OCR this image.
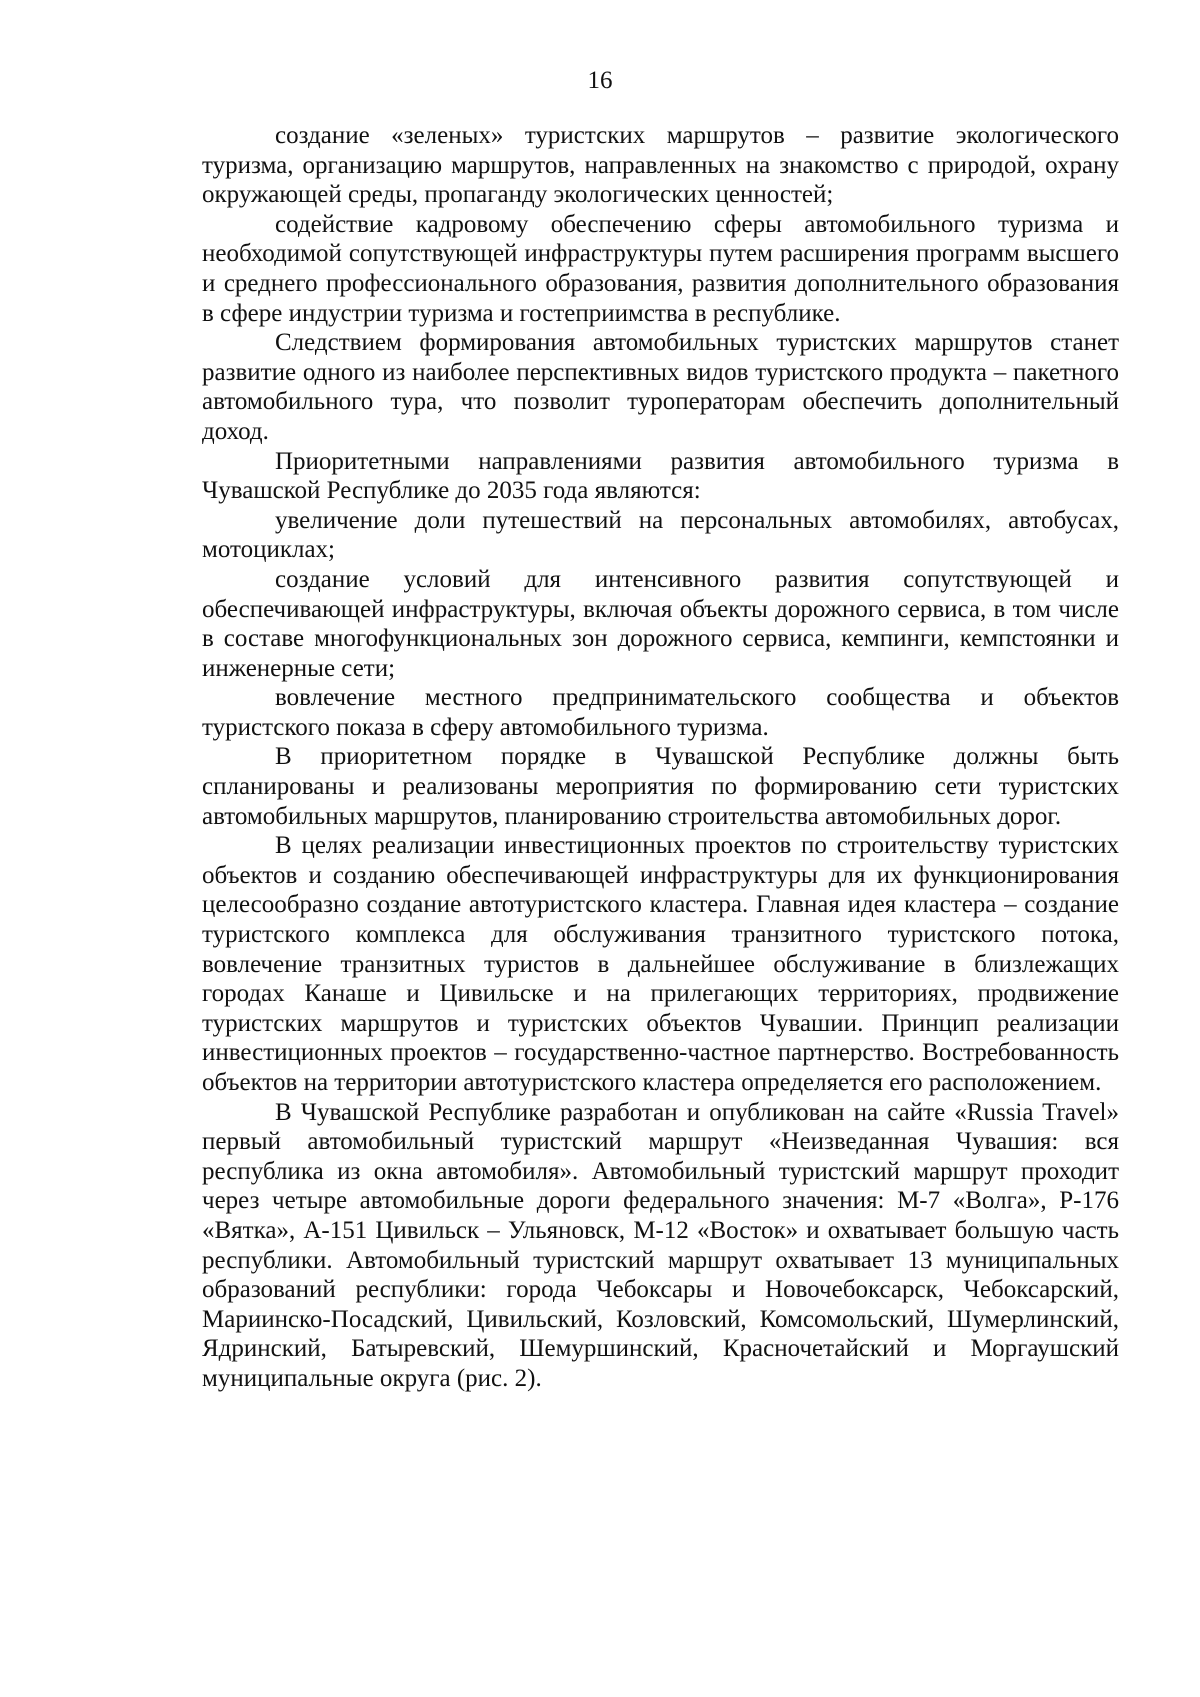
16

создание «зеленых» туристских маршрутов – развитие экологического туризма, организацию маршрутов, направленных на знакомство с природой, охрану окружающей среды, пропаганду экологических ценностей;

содействие кадровому обеспечению сферы автомобильного туризма и необходимой сопутствующей инфраструктуры путем расширения программ высшего и среднего профессионального образования, развития дополнительного образования в сфере индустрии туризма и гостеприимства в республике.

Следствием формирования автомобильных туристских маршрутов станет развитие одного из наиболее перспективных видов туристского продукта – пакетного автомобильного тура, что позволит туроператорам обеспечить дополнительный доход.

Приоритетными направлениями развития автомобильного туризма в Чувашской Республике до 2035 года являются:

увеличение доли путешествий на персональных автомобилях, автобусах, мотоциклах;

создание условий для интенсивного развития сопутствующей и обеспечивающей инфраструктуры, включая объекты дорожного сервиса, в том числе в составе многофункциональных зон дорожного сервиса, кемпинги, кемпстоянки и инженерные сети;

вовлечение местного предпринимательского сообщества и объектов туристского показа в сферу автомобильного туризма.

В приоритетном порядке в Чувашской Республике должны быть спланированы и реализованы мероприятия по формированию сети туристских автомобильных маршрутов, планированию строительства автомобильных дорог.

В целях реализации инвестиционных проектов по строительству туристских объектов и созданию обеспечивающей инфраструктуры для их функционирования целесообразно создание автотуристского кластера. Главная идея кластера – создание туристского комплекса для обслуживания транзитного туристского потока, вовлечение транзитных туристов в дальнейшее обслуживание в близлежащих городах Канаше и Цивильске и на прилегающих территориях, продвижение туристских маршрутов и туристских объектов Чувашии. Принцип реализации инвестиционных проектов – государственно-частное партнерство. Востребованность объектов на территории автотуристского кластера определяется его расположением.

В Чувашской Республике разработан и опубликован на сайте «Russia Travel» первый автомобильный туристский маршрут «Неизведанная Чувашия: вся республика из окна автомобиля». Автомобильный туристский маршрут проходит через четыре автомобильные дороги федерального значения: М-7 «Волга», Р-176 «Вятка», А-151 Цивильск – Ульяновск, М-12 «Восток» и охватывает большую часть республики. Автомобильный туристский маршрут охватывает 13 муниципальных образований республики: города Чебоксары и Новочебоксарск, Чебоксарский, Мариинско-Посадский, Цивильский, Козловский, Комсомольский, Шумерлинский, Ядринский, Батыревский, Шемуршинский, Красночетайский и Моргаушский муниципальные округа (рис. 2).
